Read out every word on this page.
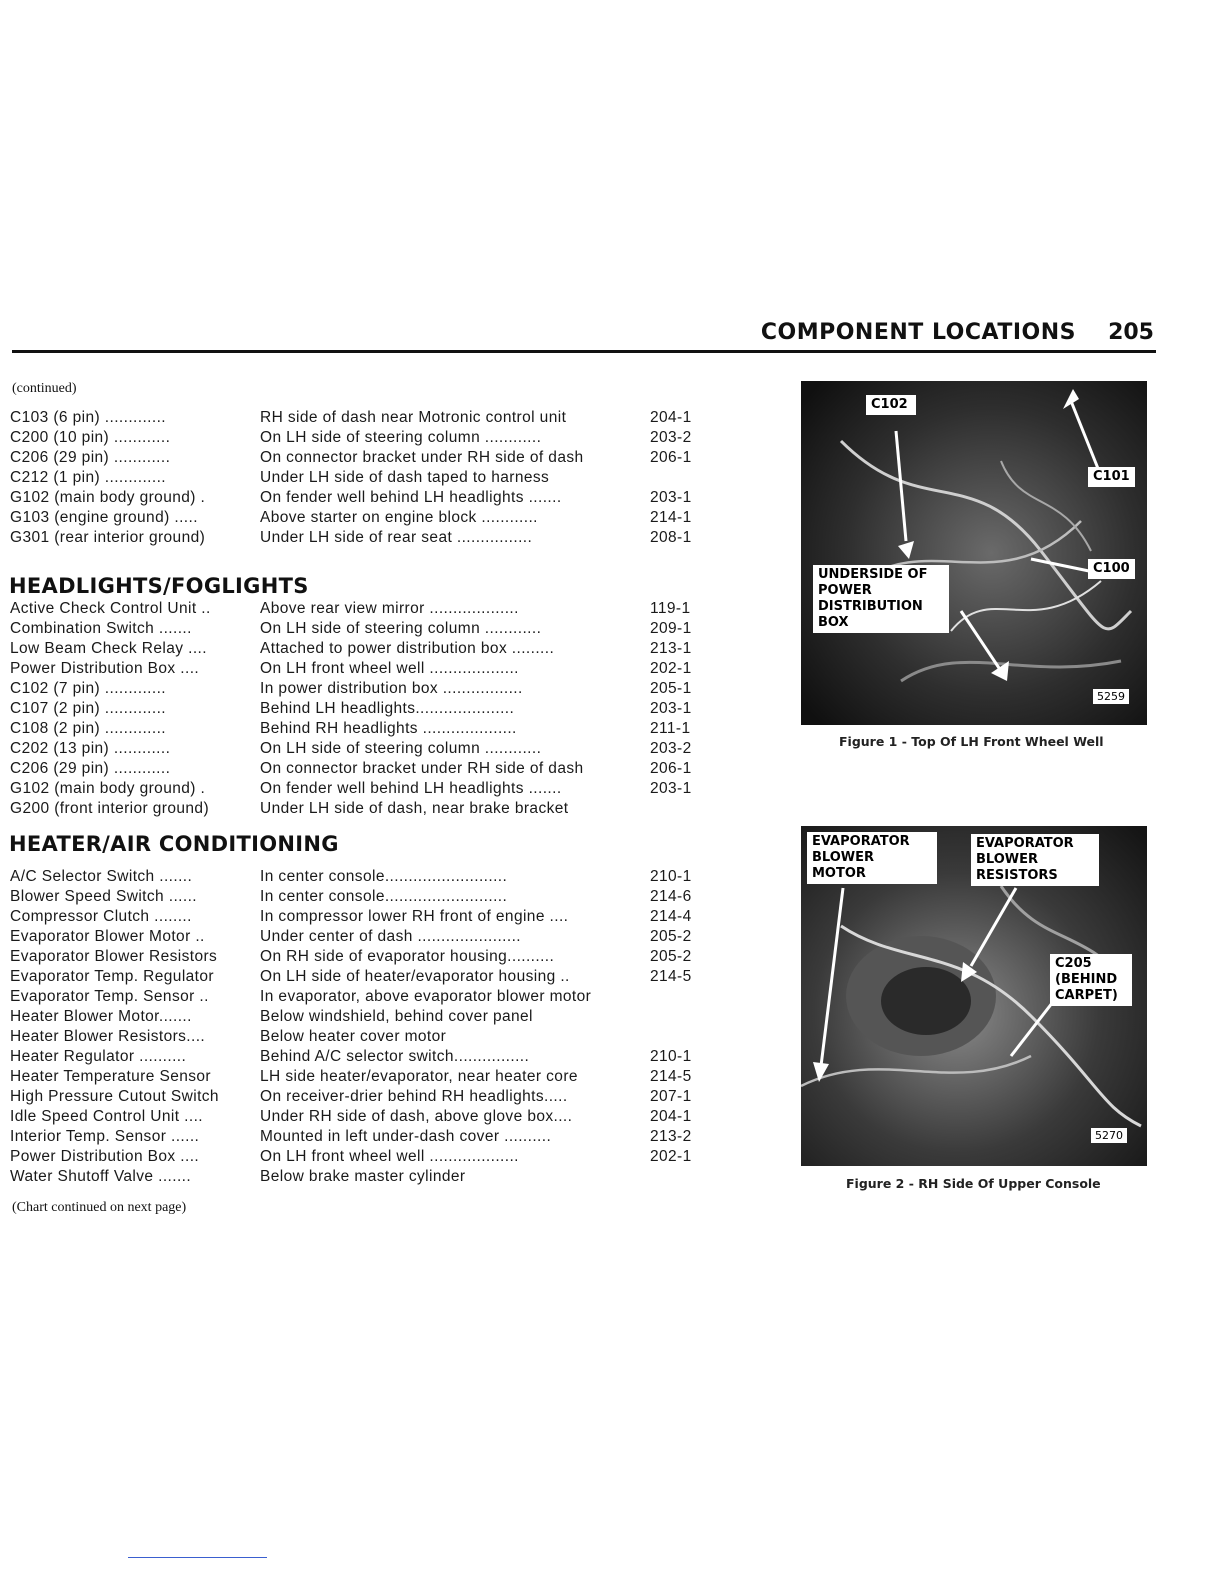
COMPONENT LOCATIONS 205
(continued)
C103 (6 pin) .............	RH side of dash near Motronic control unit	204-1
C200 (10 pin) ............	On LH side of steering column ............	203-2
C206 (29 pin) ............	On connector bracket under RH side of dash	206-1
C212 (1 pin) .............	Under LH side of dash taped to harness
G102 (main body ground) .	On fender well behind LH headlights .......	203-1
G103 (engine ground) .....	Above starter on engine block ............	214-1
G301 (rear interior ground)	Under LH side of rear seat ................	208-1
HEADLIGHTS/FOGLIGHTS
Active Check Control Unit ..	Above rear view mirror ...................	119-1
Combination Switch .......	On LH side of steering column ............	209-1
Low Beam Check Relay ....	Attached to power distribution box .........	213-1
Power Distribution Box ....	On LH front wheel well ...................	202-1
C102 (7 pin) .............	In power distribution box .................	205-1
C107 (2 pin) .............	Behind LH headlights.....................	203-1
C108 (2 pin) .............	Behind RH headlights ....................	211-1
C202 (13 pin) ............	On LH side of steering column ............	203-2
C206 (29 pin) ............	On connector bracket under RH side of dash	206-1
G102 (main body ground) .	On fender well behind LH headlights .......	203-1
G200 (front interior ground)	Under LH side of dash, near brake bracket
HEATER/AIR CONDITIONING
A/C Selector Switch .......	In center console..........................	210-1
Blower Speed Switch ......	In center console..........................	214-6
Compressor Clutch ........	In compressor lower RH front of engine ....	214-4
Evaporator Blower Motor ..	Under center of dash ......................	205-2
Evaporator Blower Resistors	On RH side of evaporator housing..........	205-2
Evaporator Temp. Regulator	On LH side of heater/evaporator housing ..	214-5
Evaporator Temp. Sensor ..	In evaporator, above evaporator blower motor
Heater Blower Motor.......	Below windshield, behind cover panel
Heater Blower Resistors....	Below heater cover motor
Heater Regulator ..........	Behind A/C selector switch................	210-1
Heater Temperature Sensor	LH side heater/evaporator, near heater core	214-5
High Pressure Cutout Switch	On receiver-drier behind RH headlights.....	207-1
Idle Speed Control Unit ....	Under RH side of dash, above glove box....	204-1
Interior Temp. Sensor ......	Mounted in left under-dash cover ..........	213-2
Power Distribution Box ....	On LH front wheel well ...................	202-1
Water Shutoff Valve .......	Below brake master cylinder
(Chart continued on next page)
C102
C101
C100
UNDERSIDE OF
POWER
DISTRIBUTION
BOX
5259
Figure 1 - Top Of LH Front Wheel Well
EVAPORATOR
BLOWER
MOTOR
EVAPORATOR
BLOWER
RESISTORS
C205
(BEHIND
CARPET)
5270
Figure 2 - RH Side Of Upper Console
